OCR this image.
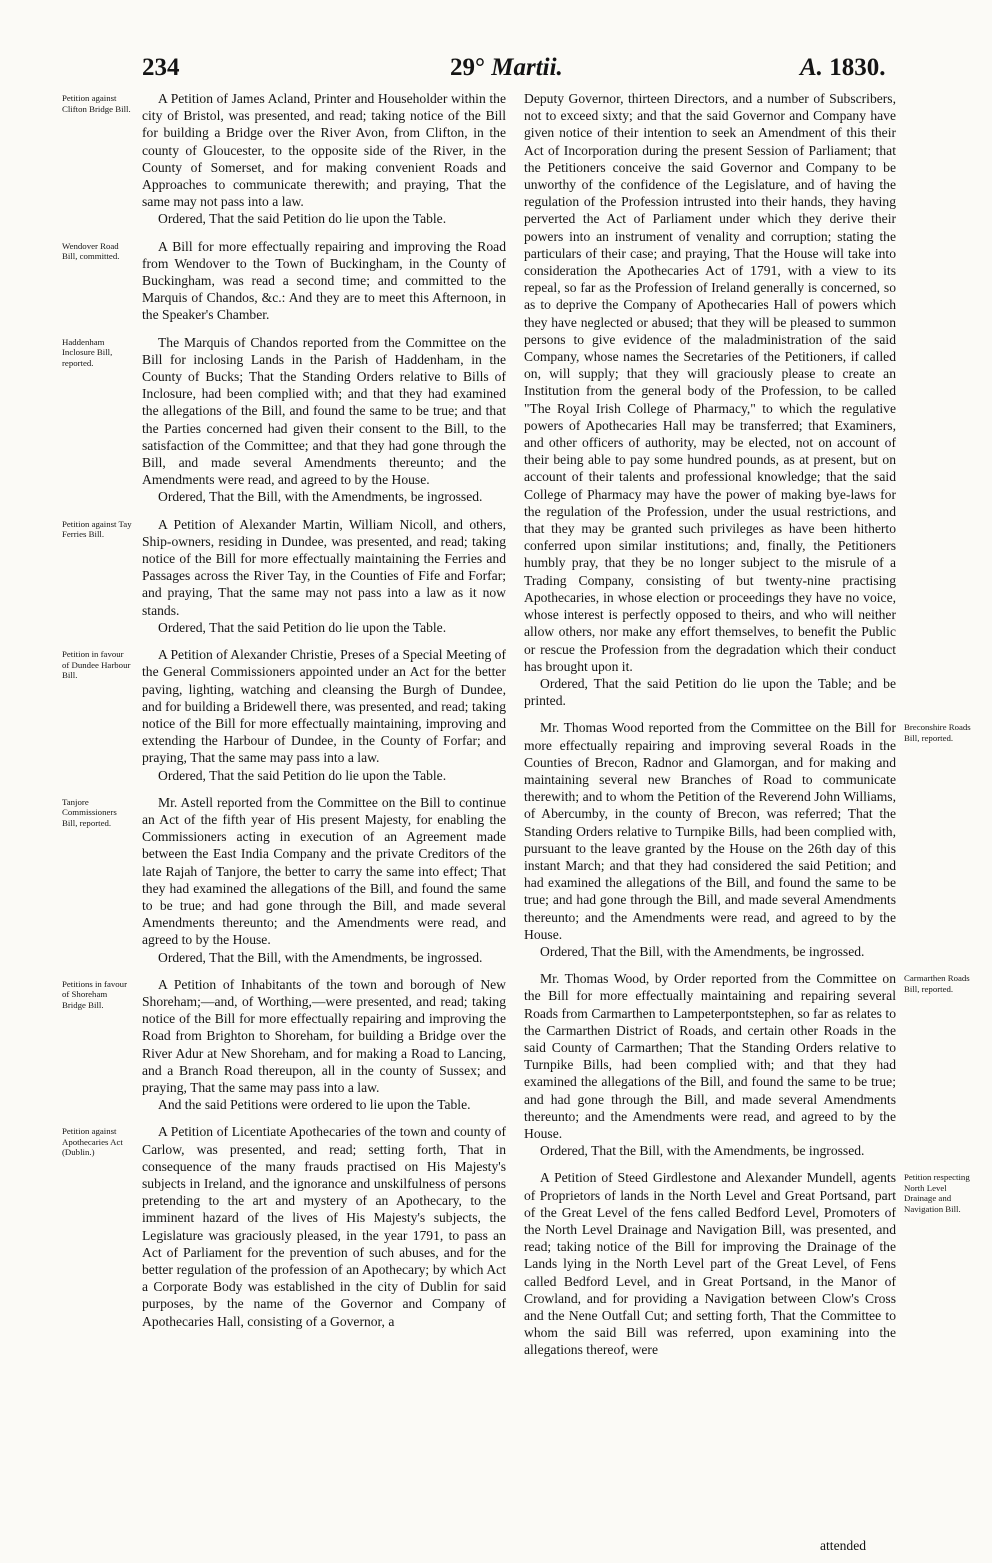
234	29° Martii.	A. 1830.
Petition against Clifton Bridge Bill.

A Petition of James Acland, Printer and Householder within the city of Bristol, was presented, and read; taking notice of the Bill for building a Bridge over the River Avon, from Clifton, in the county of Gloucester, to the opposite side of the River, in the County of Somerset, and for making convenient Roads and Approaches to communicate therewith; and praying, That the same may not pass into a law.

Ordered, That the said Petition do lie upon the Table.

Wendover Road Bill, committed.

A Bill for more effectually repairing and improving the Road from Wendover to the Town of Buckingham, in the County of Buckingham, was read a second time; and committed to the Marquis of Chandos, &c.: And they are to meet this Afternoon, in the Speaker's Chamber.

Haddenham Inclosure Bill, reported.

The Marquis of Chandos reported from the Committee on the Bill for inclosing Lands in the Parish of Haddenham, in the County of Bucks; That the Standing Orders relative to Bills of Inclosure, had been complied with; and that they had examined the allegations of the Bill, and found the same to be true; and that the Parties concerned had given their consent to the Bill, to the satisfaction of the Committee; and that they had gone through the Bill, and made several Amendments thereunto; and the Amendments were read, and agreed to by the House.

Ordered, That the Bill, with the Amendments, be ingrossed.

Petition against Tay Ferries Bill.

A Petition of Alexander Martin, William Nicoll, and others, Ship-owners, residing in Dundee, was presented, and read; taking notice of the Bill for more effectually maintaining the Ferries and Passages across the River Tay, in the Counties of Fife and Forfar; and praying, That the same may not pass into a law as it now stands.

Ordered, That the said Petition do lie upon the Table.

Petition in favour of Dundee Harbour Bill.

A Petition of Alexander Christie, Preses of a Special Meeting of the General Commissioners appointed under an Act for the better paving, lighting, watching and cleansing the Burgh of Dundee, and for building a Bridewell there, was presented, and read; taking notice of the Bill for more effectually maintaining, improving and extending the Harbour of Dundee, in the County of Forfar; and praying, That the same may pass into a law.

Ordered, That the said Petition do lie upon the Table.

Tanjore Commissioners Bill, reported.

Mr. Astell reported from the Committee on the Bill to continue an Act of the fifth year of His present Majesty, for enabling the Commissioners acting in execution of an Agreement made between the East India Company and the private Creditors of the late Rajah of Tanjore, the better to carry the same into effect; That they had examined the allegations of the Bill, and found the same to be true; and had gone through the Bill, and made several Amendments thereunto; and the Amendments were read, and agreed to by the House.

Ordered, That the Bill, with the Amendments, be ingrossed.

Petitions in favour of Shoreham Bridge Bill.

A Petition of Inhabitants of the town and borough of New Shoreham;—and, of Worthing,—were presented, and read; taking notice of the Bill for more effectually repairing and improving the Road from Brighton to Shoreham, for building a Bridge over the River Adur at New Shoreham, and for making a Road to Lancing, and a Branch Road thereupon, all in the county of Sussex; and praying, That the same may pass into a law.

And the said Petitions were ordered to lie upon the Table.

Petition against Apothecaries Act (Dublin.)

A Petition of Licentiate Apothecaries of the town and county of Carlow, was presented, and read; setting forth, That in consequence of the many frauds practised on His Majesty's subjects in Ireland, and the ignorance and unskilfulness of persons pretending to the art and mystery of an Apothecary, to the imminent hazard of the lives of His Majesty's subjects, the Legislature was graciously pleased, in the year 1791, to pass an Act of Parliament for the prevention of such abuses, and for the better regulation of the profession of an Apothecary; by which Act a Corporate Body was established in the city of Dublin for said purposes, by the name of the Governor and Company of Apothecaries Hall, consisting of a Governor, a

Deputy Governor, thirteen Directors, and a number of Subscribers, not to exceed sixty; and that the said Governor and Company have given notice of their intention to seek an Amendment of this their Act of Incorporation during the present Session of Parliament; that the Petitioners conceive the said Governor and Company to be unworthy of the confidence of the Legislature, and of having the regulation of the Profession intrusted into their hands, they having perverted the Act of Parliament under which they derive their powers into an instrument of venality and corruption; stating the particulars of their case; and praying, That the House will take into consideration the Apothecaries Act of 1791, with a view to its repeal, so far as the Profession of Ireland generally is concerned, so as to deprive the Company of Apothecaries Hall of powers which they have neglected or abused; that they will be pleased to summon persons to give evidence of the maladministration of the said Company, whose names the Secretaries of the Petitioners, if called on, will supply; that they will graciously please to create an Institution from the general body of the Profession, to be called "The Royal Irish College of Pharmacy," to which the regulative powers of Apothecaries Hall may be transferred; that Examiners, and other officers of authority, may be elected, not on account of their being able to pay some hundred pounds, as at present, but on account of their talents and professional knowledge; that the said College of Pharmacy may have the power of making bye-laws for the regulation of the Profession, under the usual restrictions, and that they may be granted such privileges as have been hitherto conferred upon similar institutions; and, finally, the Petitioners humbly pray, that they be no longer subject to the misrule of a Trading Company, consisting of but twenty-nine practising Apothecaries, in whose election or proceedings they have no voice, whose interest is perfectly opposed to theirs, and who will neither allow others, nor make any effort themselves, to benefit the Public or rescue the Profession from the degradation which their conduct has brought upon it.

Ordered, That the said Petition do lie upon the Table; and be printed.

Breconshire Roads Bill, reported.

Mr. Thomas Wood reported from the Committee on the Bill for more effectually repairing and improving several Roads in the Counties of Brecon, Radnor and Glamorgan, and for making and maintaining several new Branches of Road to communicate therewith; and to whom the Petition of the Reverend John Williams, of Abercumby, in the county of Brecon, was referred; That the Standing Orders relative to Turnpike Bills, had been complied with, pursuant to the leave granted by the House on the 26th day of this instant March; and that they had considered the said Petition; and had examined the allegations of the Bill, and found the same to be true; and had gone through the Bill, and made several Amendments thereunto; and the Amendments were read, and agreed to by the House.

Ordered, That the Bill, with the Amendments, be ingrossed.

Carmarthen Roads Bill, reported.

Mr. Thomas Wood, by Order reported from the Committee on the Bill for more effectually maintaining and repairing several Roads from Carmarthen to Lampeterpontstephen, so far as relates to the Carmarthen District of Roads, and certain other Roads in the said County of Carmarthen; That the Standing Orders relative to Turnpike Bills, had been complied with; and that they had examined the allegations of the Bill, and found the same to be true; and had gone through the Bill, and made several Amendments thereunto; and the Amendments were read, and agreed to by the House.

Ordered, That the Bill, with the Amendments, be ingrossed.

Petition respecting North Level Drainage and Navigation Bill.

A Petition of Steed Girdlestone and Alexander Mundell, agents of Proprietors of lands in the North Level and Great Portsand, part of the Great Level of the fens called Bedford Level, Promoters of the North Level Drainage and Navigation Bill, was presented, and read; taking notice of the Bill for improving the Drainage of the Lands lying in the North Level part of the Great Level, of Fens called Bedford Level, and in Great Portsand, in the Manor of Crowland, and for providing a Navigation between Clow's Cross and the Nene Outfall Cut; and setting forth, That the Committee to whom the said Bill was referred, upon examining into the allegations thereof, were

attended
